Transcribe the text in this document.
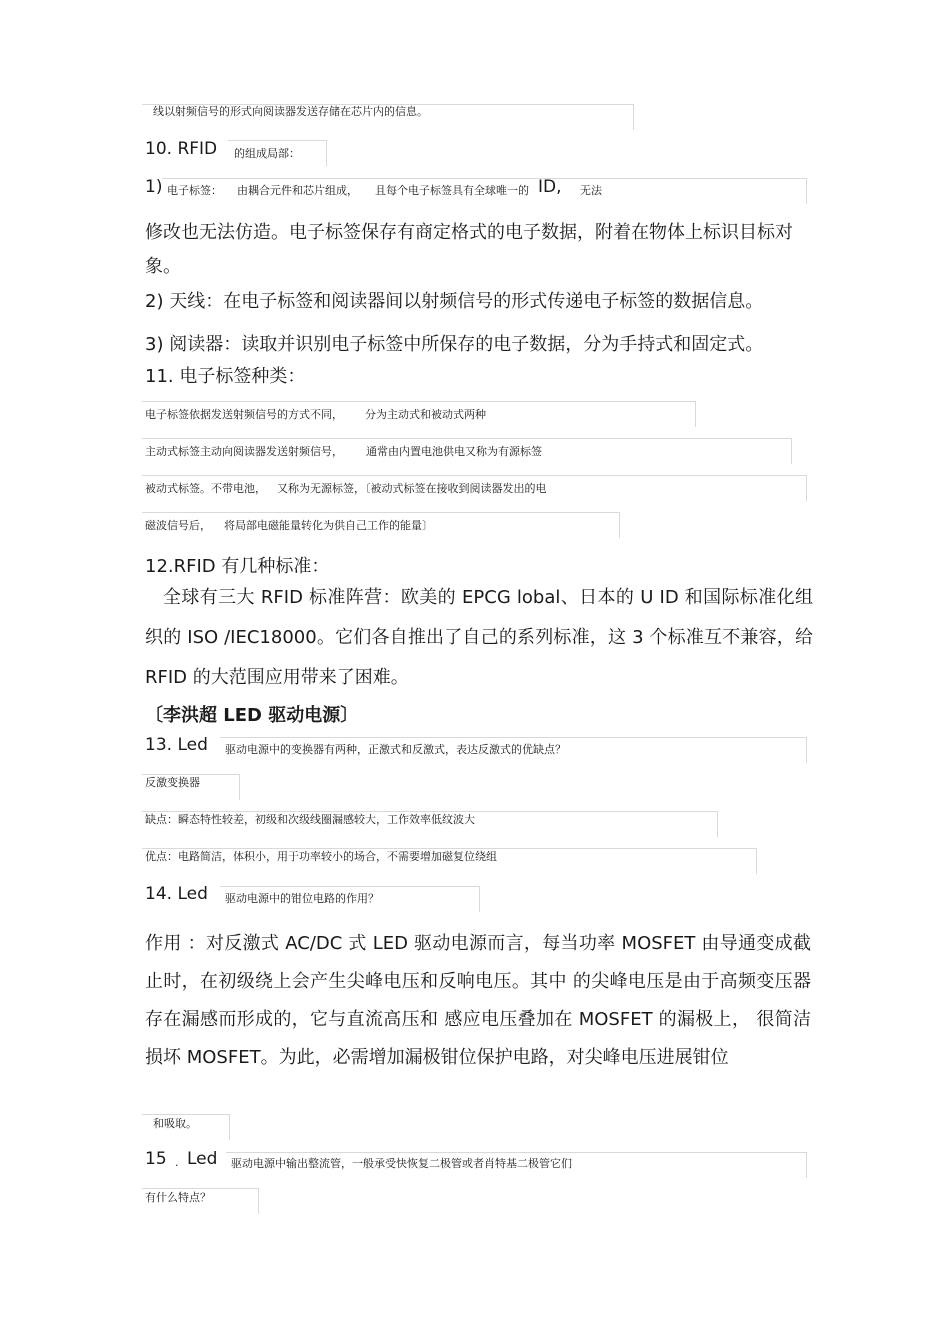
线以射频信号的形式向阅读器发送存储在芯片内的信息。
10. RFID 的组成局部：
1) 电子标签： 由耦合元件和芯片组成， 且每个电子标签具有全球唯一的 ID, 无法
修改也无法仿造。电子标签保存有商定格式的电子数据，附着在物体上标识目标对象。
2) 天线：在电子标签和阅读器间以射频信号的形式传递电子标签的数据信息。
3) 阅读器：读取并识别电子标签中所保存的电子数据，分为手持式和固定式。
11. 电子标签种类：
电子标签依据发送射频信号的方式不同， 分为主动式和被动式两种
主动式标签主动向阅读器发送射频信号， 通常由内置电池供电又称为有源标签
被动式标签。不带电池， 又称为无源标签，〔被动式标签在接收到阅读器发出的电
磁波信号后， 将局部电磁能量转化为供自己工作的能量〕
12.RFID 有几种标准：
全球有三大 RFID 标准阵营：欧美的 EPCG lobal、日本的 U ID 和国际标准化组织的 ISO /IEC18000。它们各自推出了自己的系列标准，这 3 个标准互不兼容，给 RFID 的大范围应用带来了困难。
〔李洪超 LED 驱动电源〕
13. Led 驱动电源中的变换器有两种，正激式和反激式，表达反激式的优缺点？
反激变换器
缺点：瞬态特性较差，初级和次级线圈漏感较大，工作效率低纹波大
优点：电路简洁，体积小，用于功率较小的场合，不需要增加磁复位绕组
14. Led 驱动电源中的钳位电路的作用？
作用 ：对反激式 AC/DC 式 LED 驱动电源而言，每当功率 MOSFET 由导通变成截止时，在初级绕上会产生尖峰电压和反响电压。其中 的尖峰电压是由于高频变压器存在漏感而形成的，它与直流高压和 感应电压叠加在 MOSFET 的漏极上， 很简洁损坏 MOSFET。为此，必需增加漏极钳位保护电路，对尖峰电压进展钳位
和吸取。
15 . Led 驱动电源中输出整流管，一般承受快恢复二极管或者肖特基二极管它们
有什么特点？
